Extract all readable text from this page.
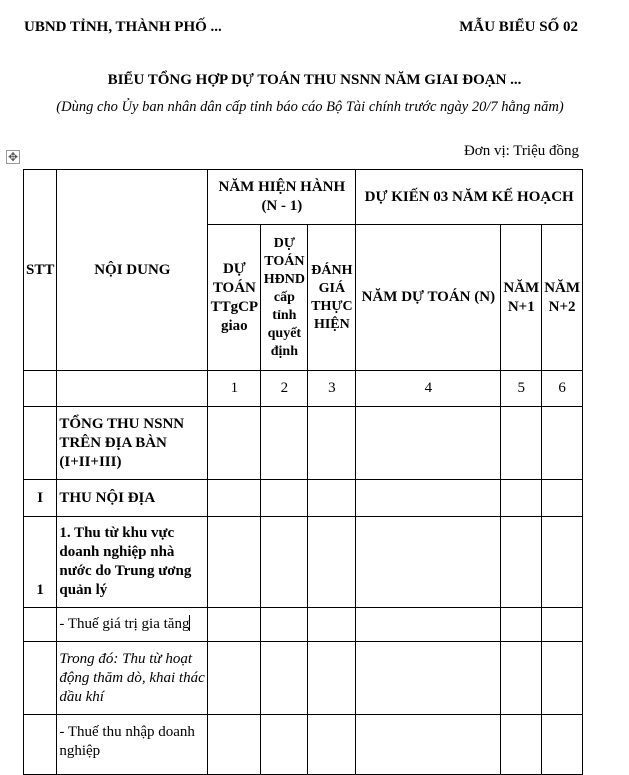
UBND TỈNH, THÀNH PHỐ ...	MẪU BIỂU SỐ 02
BIỂU TỔNG HỢP DỰ TOÁN THU NSNN NĂM GIAI ĐOẠN ...
(Dùng cho Ủy ban nhân dân cấp tỉnh báo cáo Bộ Tài chính trước ngày 20/7 hằng năm)
Đơn vị: Triệu đồng
✥
STT	NỘI DUNG	NĂM HIỆN HÀNH (N - 1)			DỰ KIẾN 03 NĂM KẾ HOẠCH		
		DỰ TOÁN TTgCP giao	DỰ TOÁN HĐND cấp tỉnh quyết định	ĐÁNH GIÁ THỰC HIỆN	NĂM DỰ TOÁN (N)	NĂM N+1	NĂM N+2
		1	2	3	4	5	6
	TỔNG THU NSNN TRÊN ĐỊA BÀN (I+II+III)						
I	THU NỘI ĐỊA						
1	1. Thu từ khu vực doanh nghiệp nhà nước do Trung ương quản lý						
	- Thuế giá trị gia tăng						
	Trong đó: Thu từ hoạt động thăm dò, khai thác dầu khí						
	- Thuế thu nhập doanh nghiệp						
